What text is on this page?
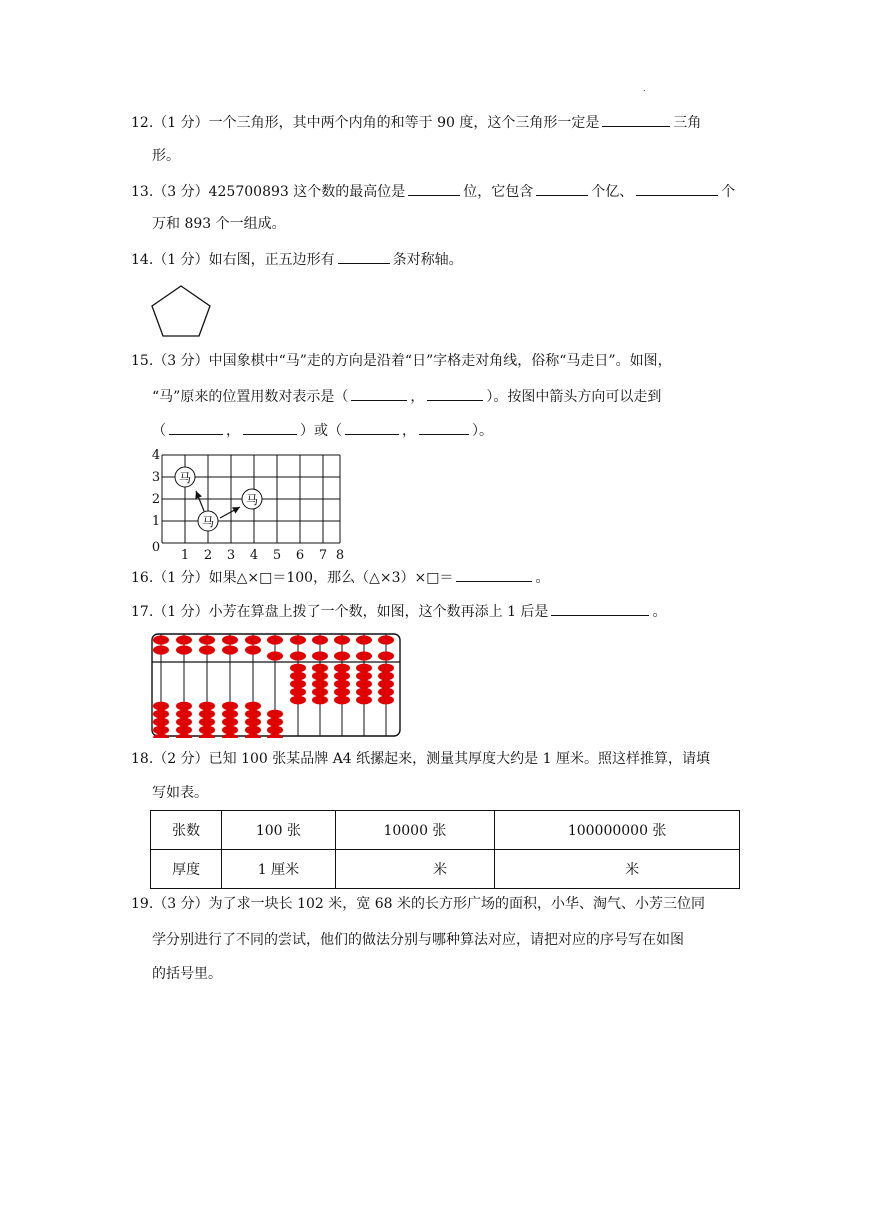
.
12.（1 分）一个三角形，其中两个内角的和等于 90 度，这个三角形一定是	三角
形。
13.（3 分）425700893 这个数的最高位是	位，它包含	个亿、	个
万和 893 个一组成。
14.（1 分）如右图，正五边形有	条对称轴。
15.（3 分）中国象棋中“马”走的方向是沿着“日”字格走对角线，俗称“马走日”。如图，
“马”原来的位置用数对表示是（	，	）。按图中箭头方向可以走到
（	，	）或（	，	）。
1 2 3 4 5 6 7 8
0
1
2
3
4
马
马
马
16.（1 分）如果△×□＝100，那么（△×3）×□＝	。
17.（1 分）小芳在算盘上拨了一个数，如图，这个数再添上 1 后是	。
18.（2 分）已知 100 张某品牌 A4 纸摞起来，测量其厚度大约是 1 厘米。照这样推算，请填
写如表。
张数	100 张	10000 张	100000000 张
厚度	1 厘米	米	米
19.（3 分）为了求一块长 102 米，宽 68 米的长方形广场的面积，小华、淘气、小芳三位同
学分别进行了不同的尝试，他们的做法分别与哪种算法对应，请把对应的序号写在如图
的括号里。
